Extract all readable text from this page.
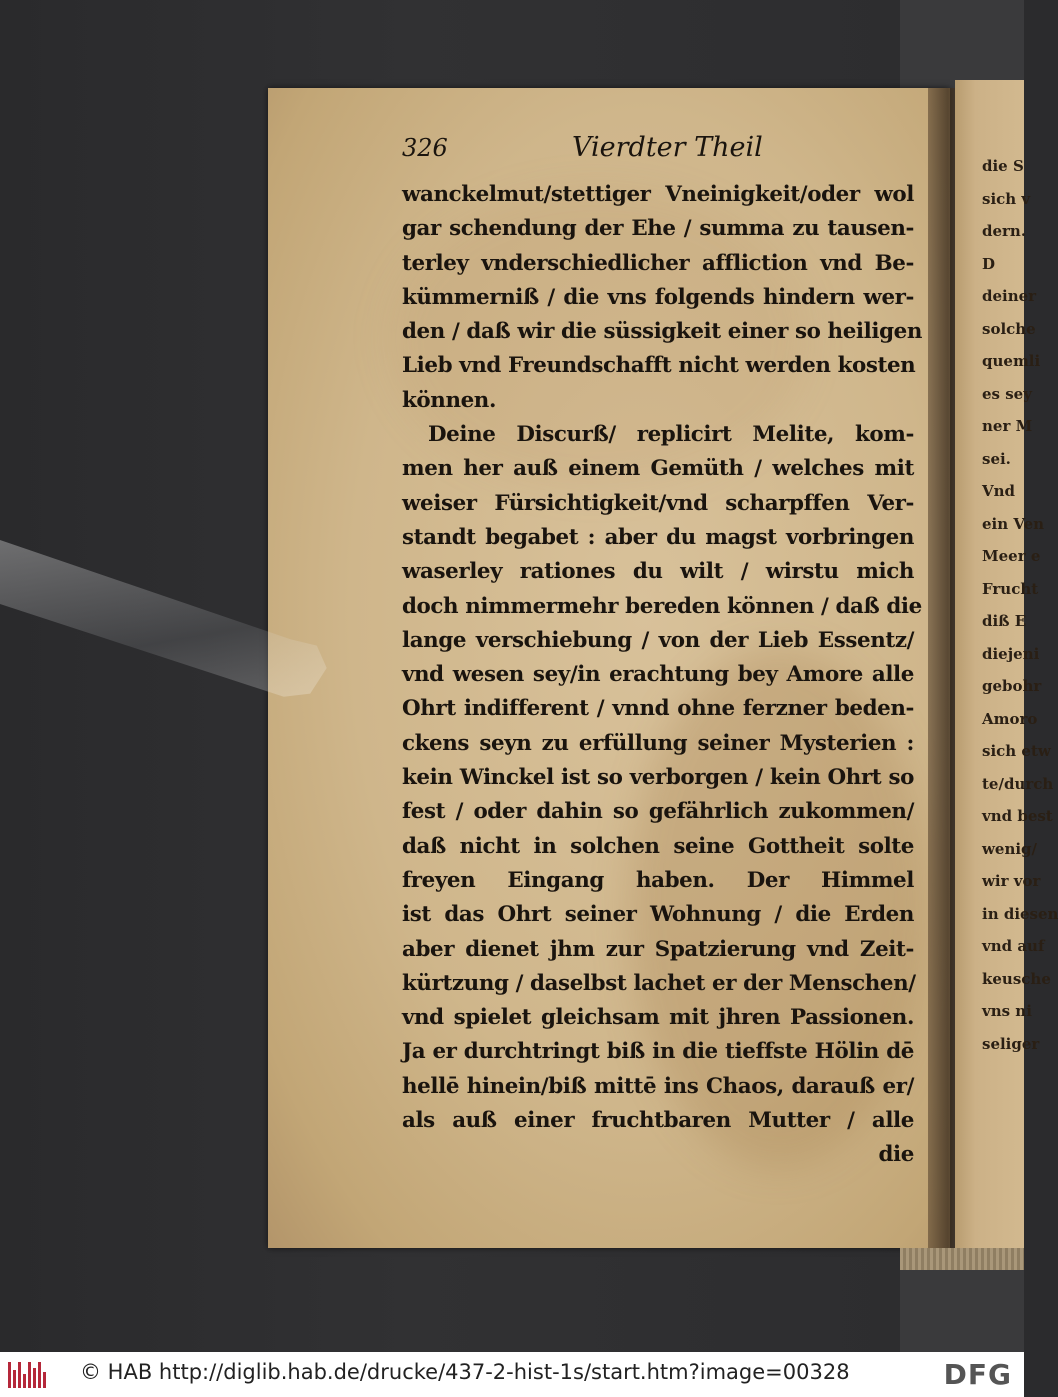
326	Vierdter Theil
wanckelmut/stettiger Vneinigkeit/oder wol
gar schendung der Ehe / summa zu tausen-
terley vnderschiedlicher affliction vnd Be-
kümmerniß / die vns folgends hindern wer-
den / daß wir die süssigkeit einer so heiligen
Lieb vnd Freundschafft nicht werden kosten
können.
Deine Discurß/ replicirt Melite, kom-
men her auß einem Gemüth / welches mit
weiser Fürsichtigkeit/vnd scharpffen Ver-
standt begabet : aber du magst vorbringen
waserley rationes du wilt / wirstu mich
doch nimmermehr bereden können / daß die
lange verschiebung / von der Lieb Essentz/
vnd wesen sey/in erachtung bey Amore alle
Ohrt indifferent / vnnd ohne ferzner beden-
ckens seyn zu erfüllung seiner Mysterien :
kein Winckel ist so verborgen / kein Ohrt so
fest / oder dahin so gefährlich zukommen/
daß nicht in solchen seine Gottheit solte
freyen Eingang haben. Der Himmel
ist das Ohrt seiner Wohnung / die Erden
aber dienet jhm zur Spatzierung vnd Zeit-
kürtzung / daselbst lachet er der Menschen/
vnd spielet gleichsam mit jhren Passionen.
Ja er durchtringt biß in die tieffste Hölin dē
hellē hinein/biß mittē ins Chaos, darauß er/
als auß einer fruchtbaren Mutter / alle
die
die S
sich v
dern.
D
deiner
solche
quemli
es sey
ner M
sei.
Vnd
ein Ven
Meer e
Frucht
diß E
diejeni
gebohr
Amoro
sich etw
te/durch
vnd best
wenig/
wir vor
in diesen
vnd auf
keusche
vns ni
seliger
© HAB http://diglib.hab.de/drucke/437-2-hist-1s/start.htm?image=00328	DFG
